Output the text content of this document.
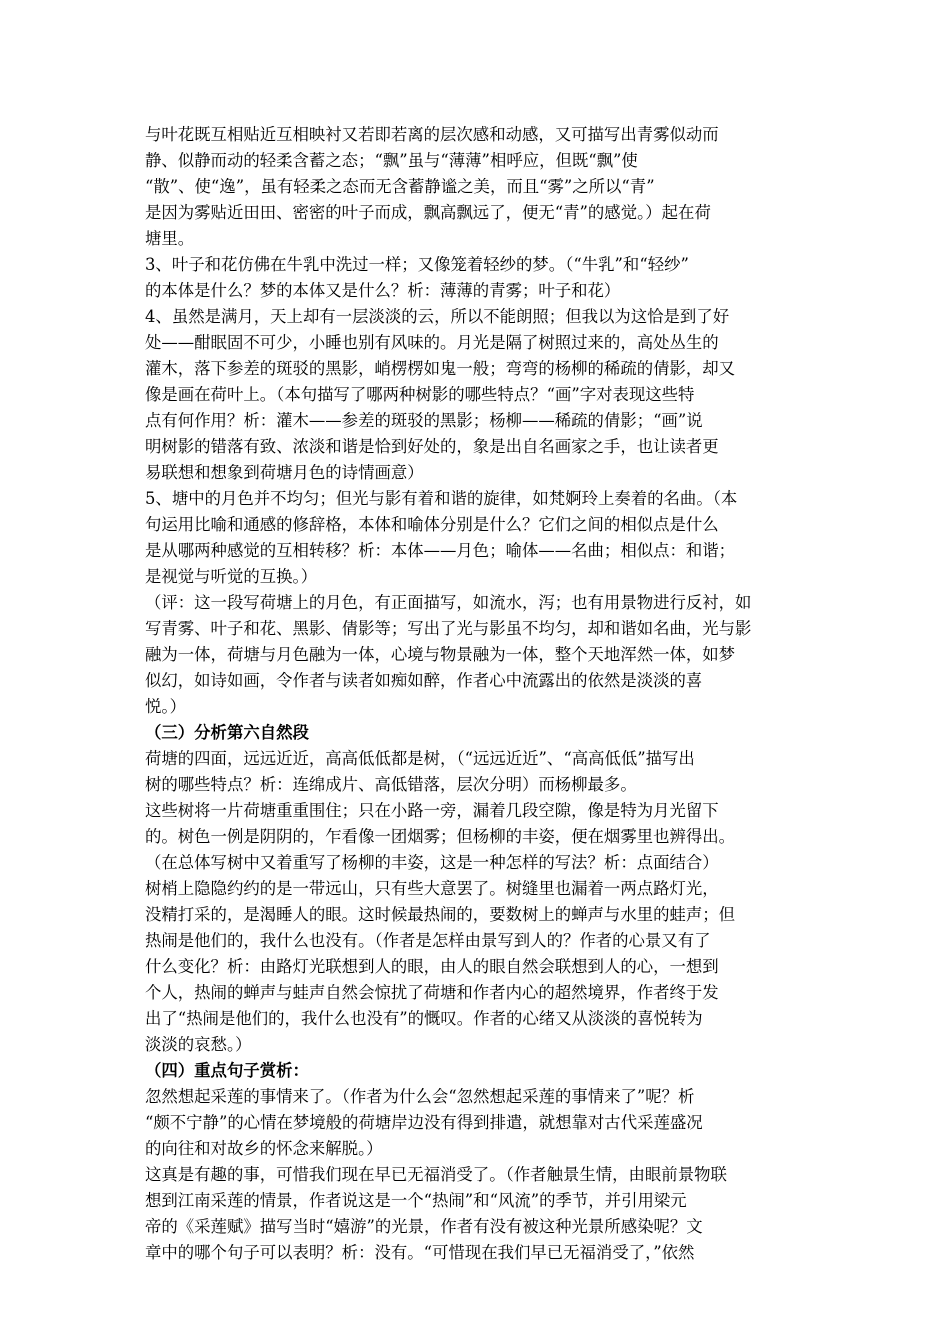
与叶花既互相贴近互相映衬又若即若离的层次感和动感，又可描写出青雾似动而
静、似静而动的轻柔含蓄之态；“飘”虽与“薄薄”相呼应，但既“飘”使
“散”、使“逸”，虽有轻柔之态而无含蓄静谧之美，而且“雾”之所以“青”
是因为雾贴近田田、密密的叶子而成，飘高飘远了，便无“青”的感觉。）起在荷
塘里。
3、叶子和花仿佛在牛乳中洗过一样；又像笼着轻纱的梦。（“牛乳”和“轻纱”
的本体是什么？梦的本体又是什么？析：薄薄的青雾；叶子和花）
4、虽然是满月，天上却有一层淡淡的云，所以不能朗照；但我以为这恰是到了好
处——酣眠固不可少，小睡也别有风味的。月光是隔了树照过来的，高处丛生的
灌木，落下参差的斑驳的黑影，峭楞楞如鬼一般；弯弯的杨柳的稀疏的倩影，却又
像是画在荷叶上。（本句描写了哪两种树影的哪些特点？“画”字对表现这些特
点有何作用？析：灌木——参差的斑驳的黑影；杨柳——稀疏的倩影；“画”说
明树影的错落有致、浓淡和谐是恰到好处的，象是出自名画家之手，也让读者更
易联想和想象到荷塘月色的诗情画意）
5、塘中的月色并不均匀；但光与影有着和谐的旋律，如梵婀玲上奏着的名曲。（本
句运用比喻和通感的修辞格，本体和喻体分别是什么？它们之间的相似点是什么
是从哪两种感觉的互相转移？析：本体——月色；喻体——名曲；相似点：和谐；
是视觉与听觉的互换。）
（评：这一段写荷塘上的月色，有正面描写，如流水，泻；也有用景物进行反衬，如
写青雾、叶子和花、黑影、倩影等；写出了光与影虽不均匀，却和谐如名曲，光与影
融为一体，荷塘与月色融为一体，心境与物景融为一体，整个天地浑然一体，如梦
似幻，如诗如画，令作者与读者如痴如醉，作者心中流露出的依然是淡淡的喜
悦。）
（三）分析第六自然段
荷塘的四面，远远近近，高高低低都是树，（“远远近近”、“高高低低”描写出
树的哪些特点？析：连绵成片、高低错落，层次分明）而杨柳最多。
这些树将一片荷塘重重围住；只在小路一旁，漏着几段空隙，像是特为月光留下
的。树色一例是阴阴的，乍看像一团烟雾；但杨柳的丰姿，便在烟雾里也辨得出。
（在总体写树中又着重写了杨柳的丰姿，这是一种怎样的写法？析：点面结合）
树梢上隐隐约约的是一带远山，只有些大意罢了。树缝里也漏着一两点路灯光，
没精打采的，是渴睡人的眼。这时候最热闹的，要数树上的蝉声与水里的蛙声；但
热闹是他们的，我什么也没有。（作者是怎样由景写到人的？作者的心景又有了
什么变化？析：由路灯光联想到人的眼，由人的眼自然会联想到人的心，一想到
个人，热闹的蝉声与蛙声自然会惊扰了荷塘和作者内心的超然境界，作者终于发
出了“热闹是他们的，我什么也没有”的慨叹。作者的心绪又从淡淡的喜悦转为
淡淡的哀愁。）
（四）重点句子赏析：
忽然想起采莲的事情来了。（作者为什么会“忽然想起采莲的事情来了”呢？析
“颇不宁静”的心情在梦境般的荷塘岸边没有得到排遣，就想靠对古代采莲盛况
的向往和对故乡的怀念来解脱。）
这真是有趣的事，可惜我们现在早已无福消受了。（作者触景生情，由眼前景物联
想到江南采莲的情景，作者说这是一个“热闹”和“风流”的季节，并引用梁元
帝的《采莲赋》描写当时“嬉游”的光景，作者有没有被这种光景所感染呢？文
章中的哪个句子可以表明？析：没有。“可惜现在我们早已无福消受了，”依然
